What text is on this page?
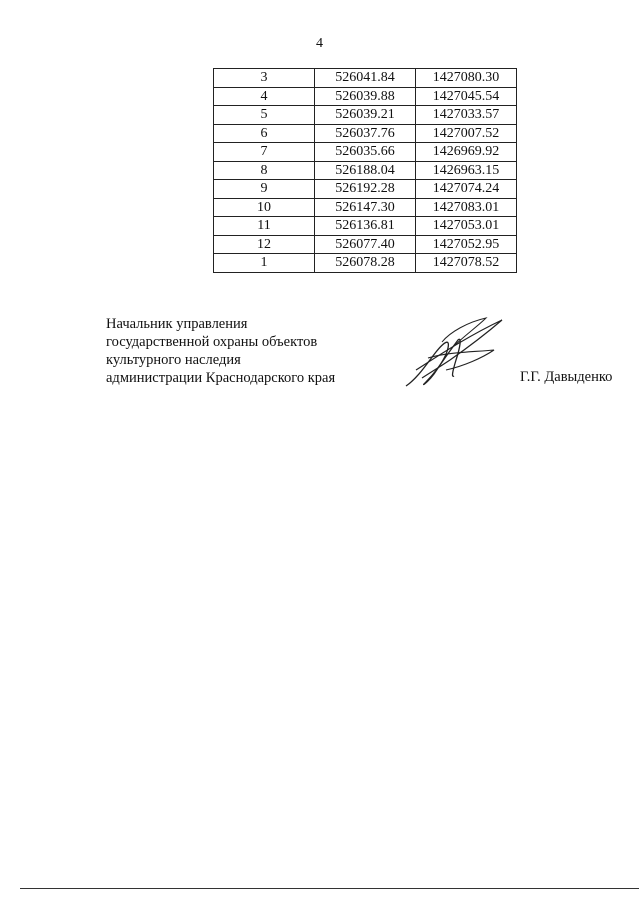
4
3	526041.84	1427080.30
4	526039.88	1427045.54
5	526039.21	1427033.57
6	526037.76	1427007.52
7	526035.66	1426969.92
8	526188.04	1426963.15
9	526192.28	1427074.24
10	526147.30	1427083.01
11	526136.81	1427053.01
12	526077.40	1427052.95
1	526078.28	1427078.52
Начальник управления
государственной охраны объектов
культурного наследия
администрации Краснодарского края	Г.Г. Давыденко
